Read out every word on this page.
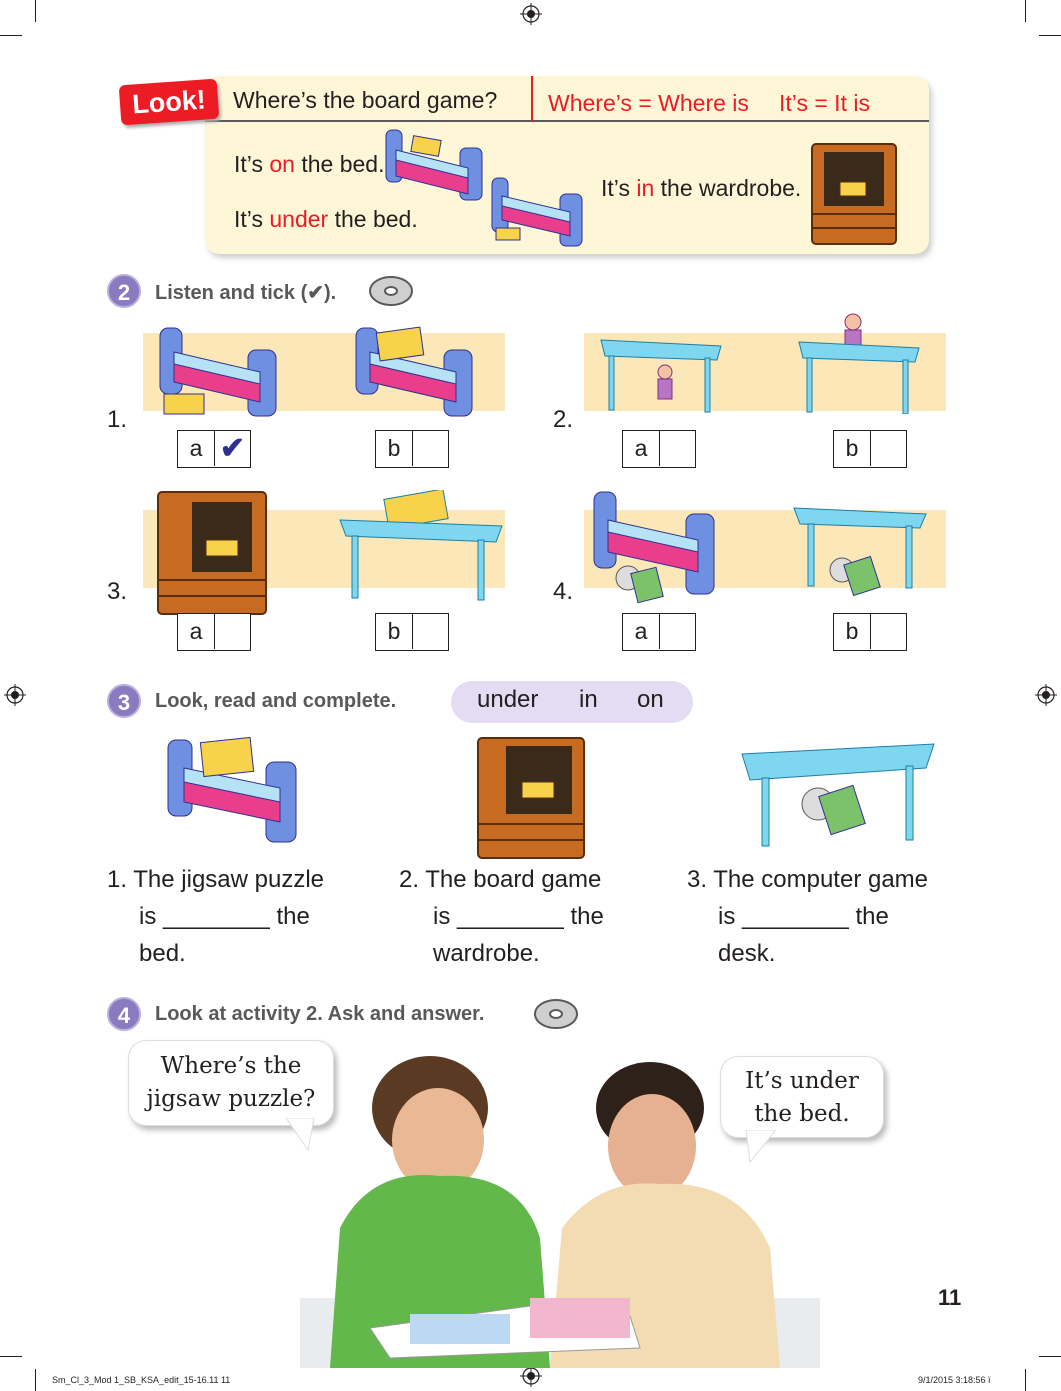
Look!	Where’s the board game? Where’s = Where is It’s = It is
It’s on the bed.
It’s under the bed.
It’s in the wardrobe.
2	Listen and tick (✔).
1.	2.
3.	4.
a ✔	b	a	b
a	b	a	b
3	Look, read and complete.	under in on
1. The jigsaw puzzle
is ________ the
bed.
2. The board game
is ________ the
wardrobe.
3. The computer game
is ________ the
desk.
4	Look at activity 2. Ask and answer.
Where’s the
jigsaw puzzle?
It’s under
the bed.
11
Sm_Cl_3_Mod 1_SB_KSA_edit_15-16.11 11	9/1/2015 3:18:56 ï
